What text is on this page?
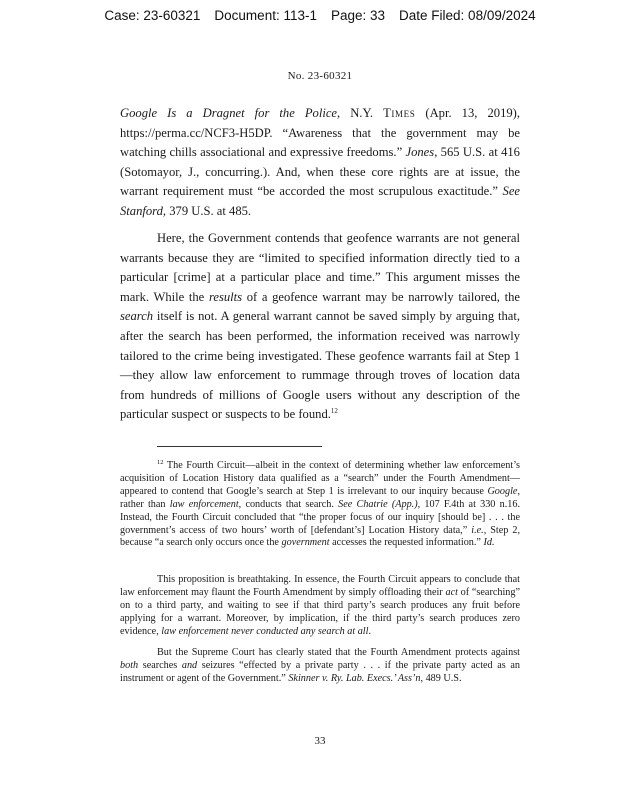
Case: 23-60321 Document: 113-1 Page: 33 Date Filed: 08/09/2024
No. 23-60321
Google Is a Dragnet for the Police, N.Y. Times (Apr. 13, 2019), https://perma.cc/NCF3-H5DP. “Awareness that the government may be watching chills associational and expressive freedoms.” Jones, 565 U.S. at 416 (Sotomayor, J., concurring.). And, when these core rights are at issue, the warrant requirement must “be accorded the most scrupulous exactitude.” See Stanford, 379 U.S. at 485.
Here, the Government contends that geofence warrants are not general warrants because they are “limited to specified information directly tied to a particular [crime] at a particular place and time.” This argument misses the mark. While the results of a geofence warrant may be narrowly tailored, the search itself is not. A general warrant cannot be saved simply by arguing that, after the search has been performed, the information received was narrowly tailored to the crime being investigated. These geofence warrants fail at Step 1—they allow law enforcement to rummage through troves of location data from hundreds of millions of Google users without any description of the particular suspect or suspects to be found.$^{12}$
$^{12}$ The Fourth Circuit—albeit in the context of determining whether law enforcement’s acquisition of Location History data qualified as a “search” under the Fourth Amendment—appeared to contend that Google’s search at Step 1 is irrelevant to our inquiry because Google, rather than law enforcement, conducts that search. See Chatrie (App.), 107 F.4th at 330 n.16. Instead, the Fourth Circuit concluded that “the proper focus of our inquiry [should be] . . . the government’s access of two hours’ worth of [defendant’s] Location History data,” i.e., Step 2, because “a search only occurs once the government accesses the requested information.” Id.
This proposition is breathtaking. In essence, the Fourth Circuit appears to conclude that law enforcement may flaunt the Fourth Amendment by simply offloading their act of “searching” on to a third party, and waiting to see if that third party’s search produces any fruit before applying for a warrant. Moreover, by implication, if the third party’s search produces zero evidence, law enforcement never conducted any search at all.
But the Supreme Court has clearly stated that the Fourth Amendment protects against both searches and seizures “effected by a private party . . . if the private party acted as an instrument or agent of the Government.” Skinner v. Ry. Lab. Execs.’ Ass’n, 489 U.S.
33
